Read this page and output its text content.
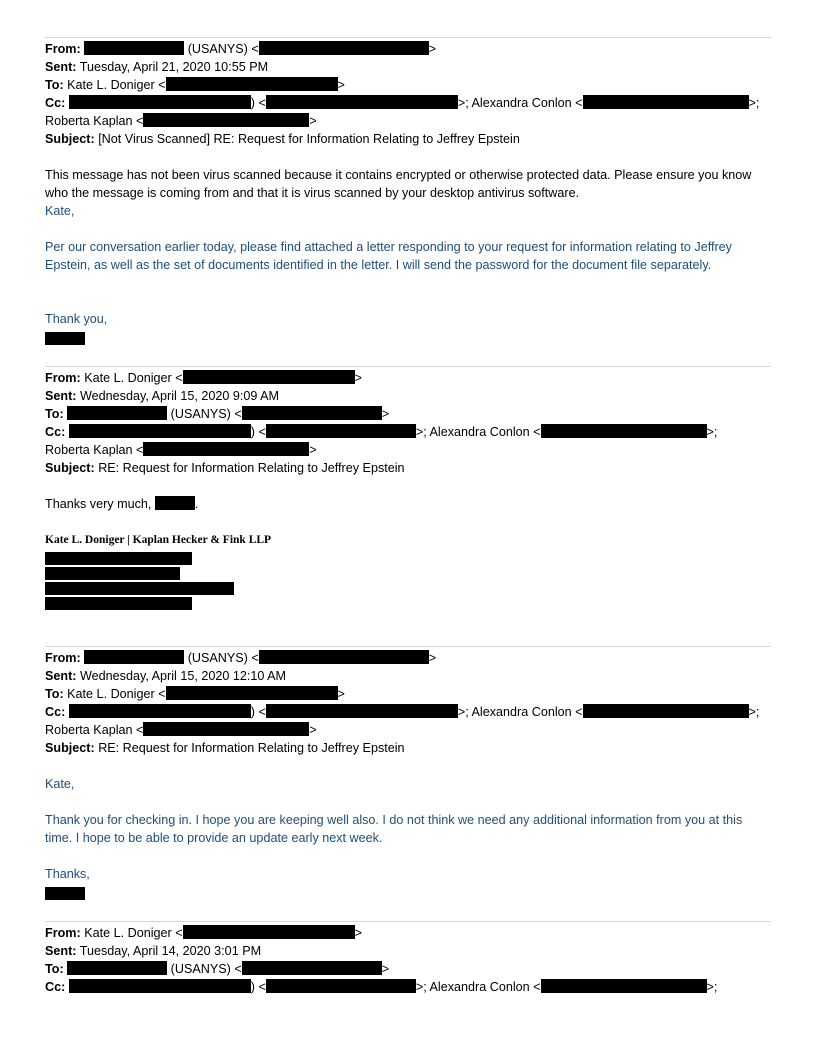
From:	(USANYS) <	>
Sent: Tuesday, April 21, 2020 10:55 PM
To: Kate L. Doniger <	>
Cc:	) <	>; Alexandra Conlon <	>;
Roberta Kaplan <	>
Subject: [Not Virus Scanned] RE: Request for Information Relating to Jeffrey Epstein
This message has not been virus scanned because it contains encrypted or otherwise protected data. Please ensure you know who the message is coming from and that it is virus scanned by your desktop antivirus software.
Kate,
Per our conversation earlier today, please find attached a letter responding to your request for information relating to Jeffrey Epstein, as well as the set of documents identified in the letter. I will send the password for the document file separately.
Thank you,
From: Kate L. Doniger <	>
Sent: Wednesday, April 15, 2020 9:09 AM
To:	(USANYS) <	>
Cc:	) <	>; Alexandra Conlon <	>;
Roberta Kaplan <	>
Subject: RE: Request for Information Relating to Jeffrey Epstein
Thanks very much,	.
Kate L. Doniger | Kaplan Hecker & Fink LLP
From:	(USANYS) <	>
Sent: Wednesday, April 15, 2020 12:10 AM
To: Kate L. Doniger <	>
Cc:	) <	>; Alexandra Conlon <	>;
Roberta Kaplan <	>
Subject: RE: Request for Information Relating to Jeffrey Epstein
Kate,
Thank you for checking in. I hope you are keeping well also. I do not think we need any additional information from you at this time. I hope to be able to provide an update early next week.
Thanks,
From: Kate L. Doniger <	>
Sent: Tuesday, April 14, 2020 3:01 PM
To:	(USANYS) <	>
Cc:	) <	>; Alexandra Conlon <	>;
